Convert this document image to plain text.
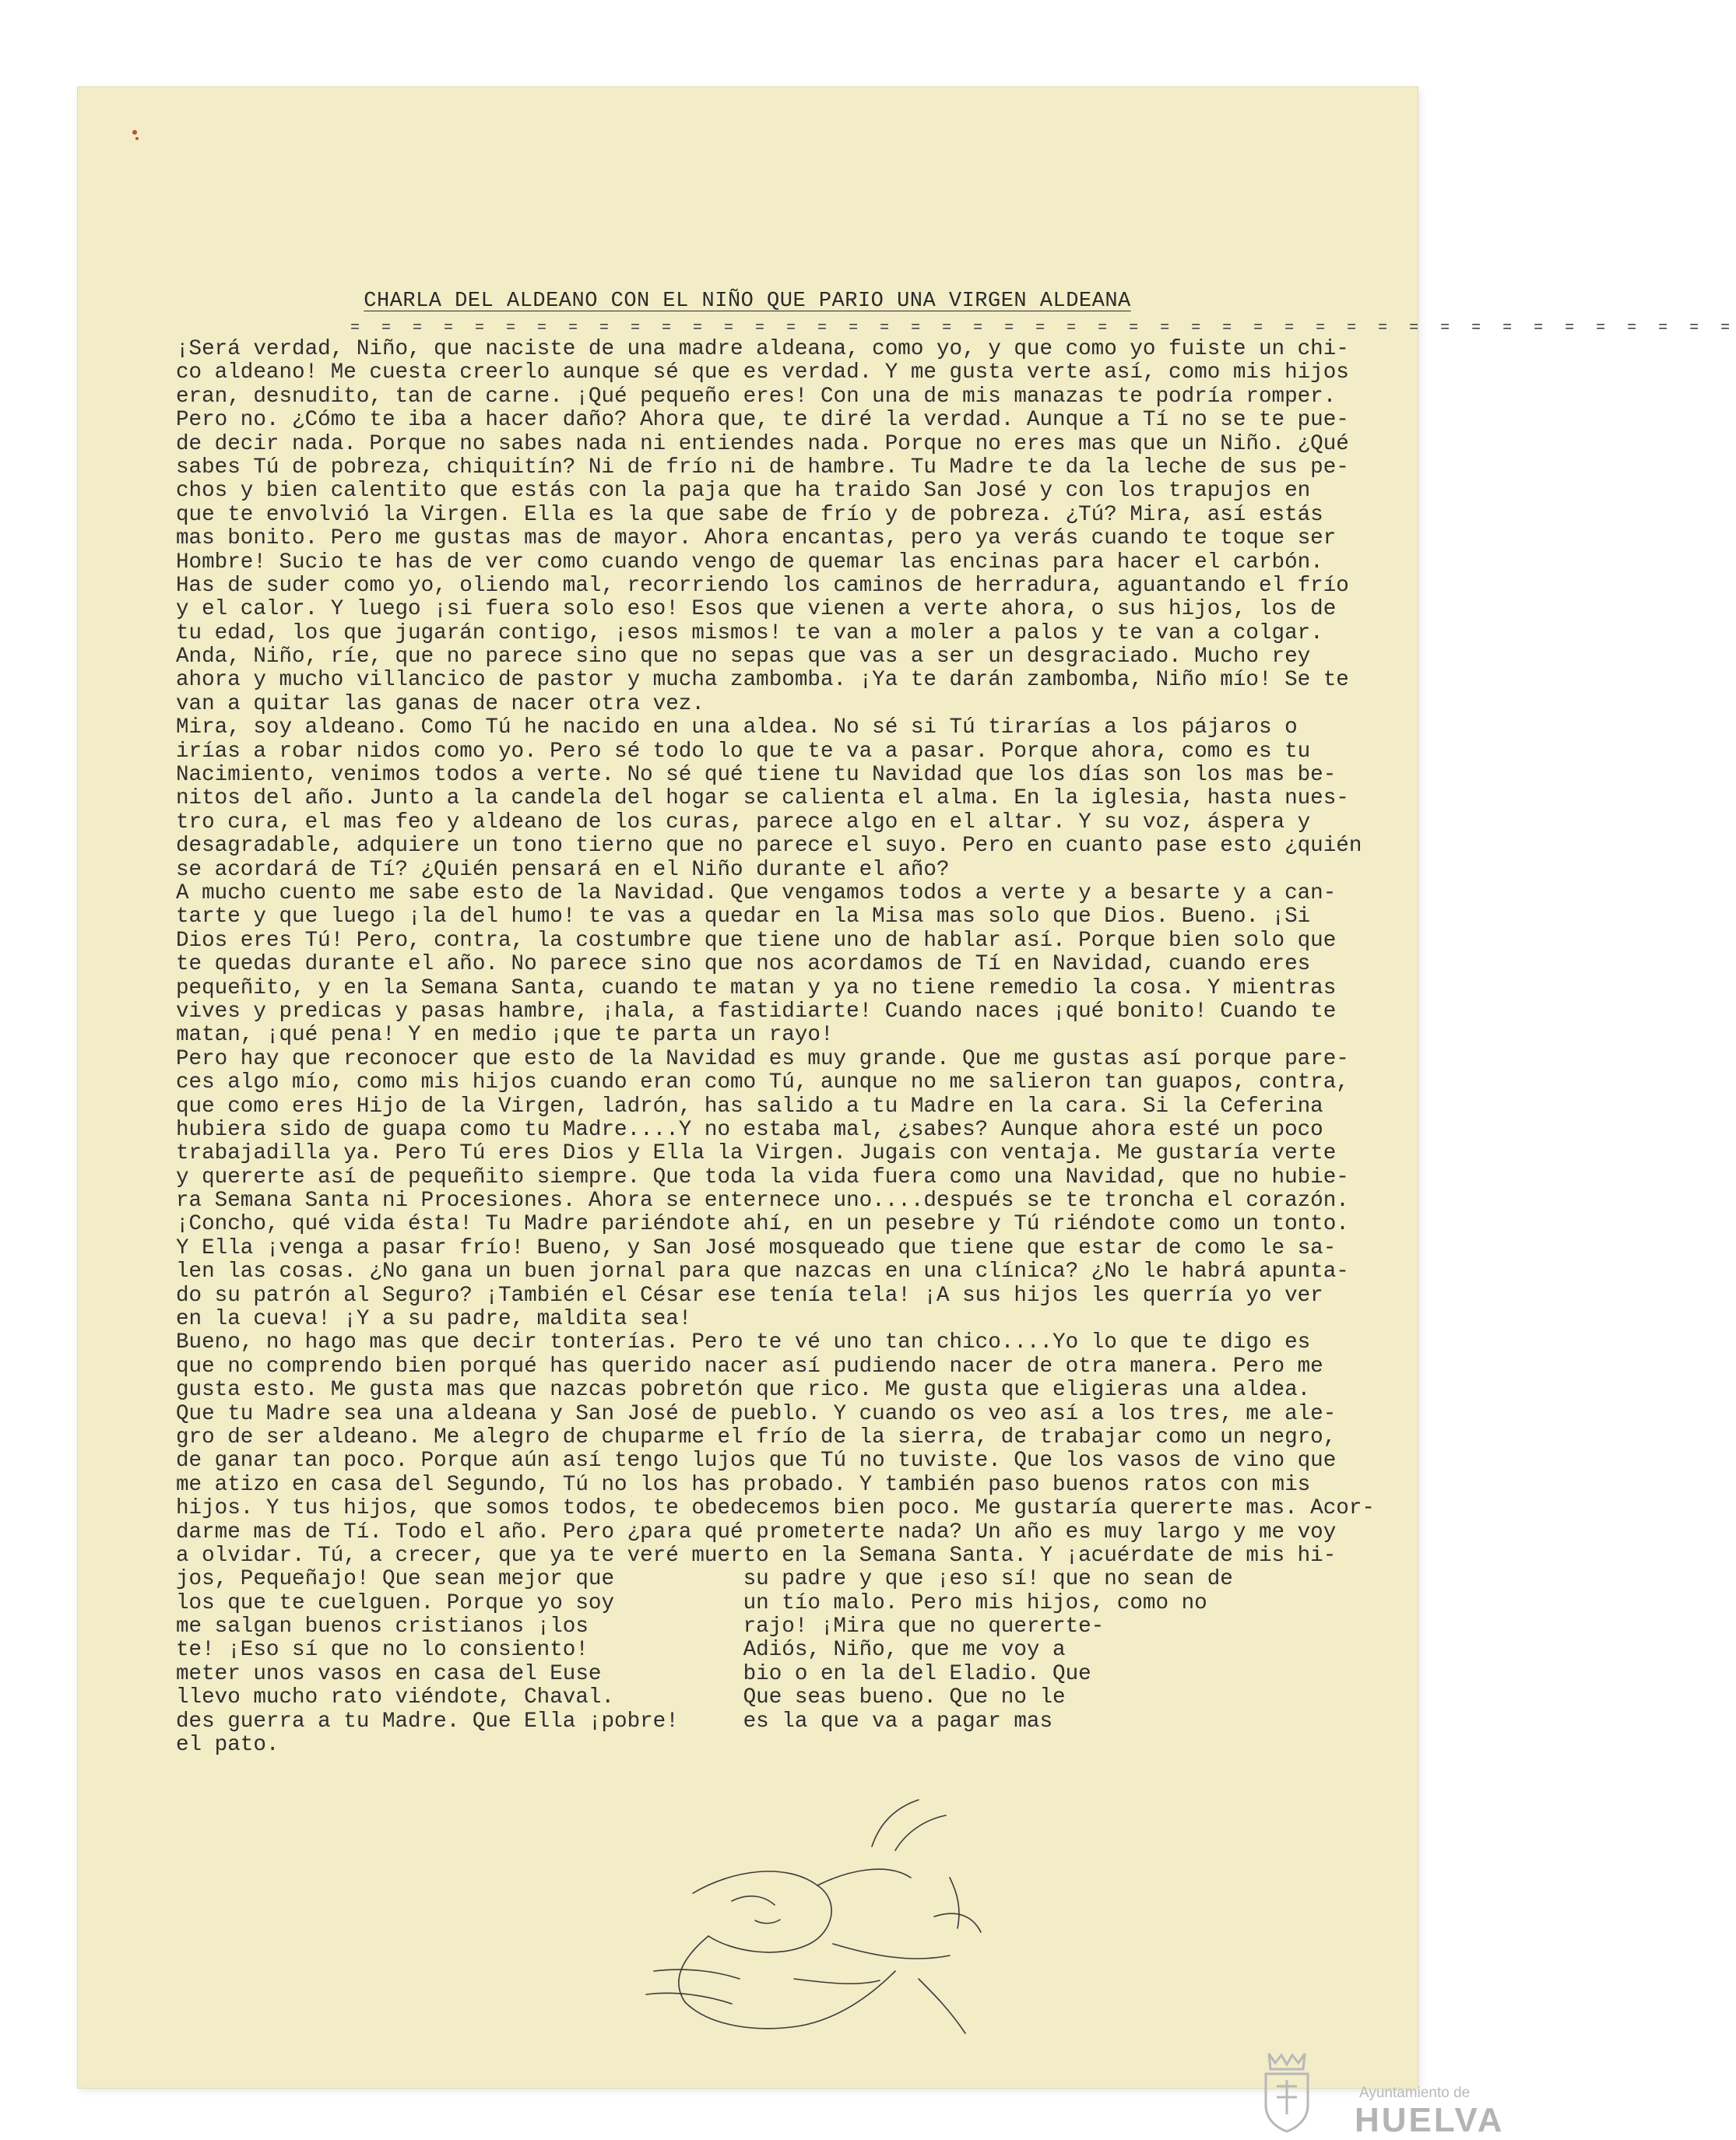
CHARLA DEL ALDEANO CON EL NIÑO QUE PARIO UNA VIRGEN ALDEANA
= = = = = = = = = = = = = = = = = = = = = = = = = = = = = = = = = = = = = = = = = = = = =
¡Será verdad, Niño, que naciste de una madre aldeana, como yo, y que como yo fuiste un chi-
co aldeano! Me cuesta creerlo aunque sé que es verdad. Y me gusta verte así, como mis hijos
eran, desnudito, tan de carne. ¡Qué pequeño eres! Con una de mis manazas te podría romper.
Pero no. ¿Cómo te iba a hacer daño? Ahora que, te diré la verdad. Aunque a Tí no se te pue-
de decir nada. Porque no sabes nada ni entiendes nada. Porque no eres mas que un Niño. ¿Qué
sabes Tú de pobreza, chiquitín? Ni de frío ni de hambre. Tu Madre te da la leche de sus pe-
chos y bien calentito que estás con la paja que ha traido San José y con los trapujos en
que te envolvió la Virgen. Ella es la que sabe de frío y de pobreza. ¿Tú? Mira, así estás
mas bonito. Pero me gustas mas de mayor. Ahora encantas, pero ya verás cuando te toque ser
Hombre! Sucio te has de ver como cuando vengo de quemar las encinas para hacer el carbón.
Has de suder como yo, oliendo mal, recorriendo los caminos de herradura, aguantando el frío
y el calor. Y luego ¡si fuera solo eso! Esos que vienen a verte ahora, o sus hijos, los de
tu edad, los que jugarán contigo, ¡esos mismos! te van a moler a palos y te van a colgar.
Anda, Niño, ríe, que no parece sino que no sepas que vas a ser un desgraciado. Mucho rey
ahora y mucho villancico de pastor y mucha zambomba. ¡Ya te darán zambomba, Niño mío! Se te
van a quitar las ganas de nacer otra vez.
Mira, soy aldeano. Como Tú he nacido en una aldea. No sé si Tú tirarías a los pájaros o
irías a robar nidos como yo. Pero sé todo lo que te va a pasar. Porque ahora, como es tu
Nacimiento, venimos todos a verte. No sé qué tiene tu Navidad que los días son los mas be-
nitos del año. Junto a la candela del hogar se calienta el alma. En la iglesia, hasta nues-
tro cura, el mas feo y aldeano de los curas, parece algo en el altar. Y su voz, áspera y
desagradable, adquiere un tono tierno que no parece el suyo. Pero en cuanto pase esto ¿quién
se acordará de Tí? ¿Quién pensará en el Niño durante el año?
A mucho cuento me sabe esto de la Navidad. Que vengamos todos a verte y a besarte y a can-
tarte y que luego ¡la del humo! te vas a quedar en la Misa mas solo que Dios. Bueno. ¡Si
Dios eres Tú! Pero, contra, la costumbre que tiene uno de hablar así. Porque bien solo que
te quedas durante el año. No parece sino que nos acordamos de Tí en Navidad, cuando eres
pequeñito, y en la Semana Santa, cuando te matan y ya no tiene remedio la cosa. Y mientras
vives y predicas y pasas hambre, ¡hala, a fastidiarte! Cuando naces ¡qué bonito! Cuando te
matan, ¡qué pena! Y en medio ¡que te parta un rayo!
Pero hay que reconocer que esto de la Navidad es muy grande. Que me gustas así porque pare-
ces algo mío, como mis hijos cuando eran como Tú, aunque no me salieron tan guapos, contra,
que como eres Hijo de la Virgen, ladrón, has salido a tu Madre en la cara. Si la Ceferina
hubiera sido de guapa como tu Madre....Y no estaba mal, ¿sabes? Aunque ahora esté un poco
trabajadilla ya. Pero Tú eres Dios y Ella la Virgen. Jugais con ventaja. Me gustaría verte
y quererte así de pequeñito siempre. Que toda la vida fuera como una Navidad, que no hubie-
ra Semana Santa ni Procesiones. Ahora se enternece uno....después se te troncha el corazón.
¡Concho, qué vida ésta! Tu Madre pariéndote ahí, en un pesebre y Tú riéndote como un tonto.
Y Ella ¡venga a pasar frío! Bueno, y San José mosqueado que tiene que estar de como le sa-
len las cosas. ¿No gana un buen jornal para que nazcas en una clínica? ¿No le habrá apunta-
do su patrón al Seguro? ¡También el César ese tenía tela! ¡A sus hijos les querría yo ver
en la cueva! ¡Y a su padre, maldita sea!
Bueno, no hago mas que decir tonterías. Pero te vé uno tan chico....Yo lo que te digo es
que no comprendo bien porqué has querido nacer así pudiendo nacer de otra manera. Pero me
gusta esto. Me gusta mas que nazcas pobretón que rico. Me gusta que eligieras una aldea.
Que tu Madre sea una aldeana y San José de pueblo. Y cuando os veo así a los tres, me ale-
gro de ser aldeano. Me alegro de chuparme el frío de la sierra, de trabajar como un negro,
de ganar tan poco. Porque aún así tengo lujos que Tú no tuviste. Que los vasos de vino que
me atizo en casa del Segundo, Tú no los has probado. Y también paso buenos ratos con mis
hijos. Y tus hijos, que somos todos, te obedecemos bien poco. Me gustaría quererte mas. Acor-
darme mas de Tí. Todo el año. Pero ¿para qué prometerte nada? Un año es muy largo y me voy
a olvidar. Tú, a crecer, que ya te veré muerto en la Semana Santa. Y ¡acuérdate de mis hi-
jos, Pequeñajo! Que sean mejor que          su padre y que ¡eso sí! que no sean de
los que te cuelguen. Porque yo soy          un tío malo. Pero mis hijos, como no
me salgan buenos cristianos ¡los            rajo! ¡Mira que no quererte-
te! ¡Eso sí que no lo consiento!            Adiós, Niño, que me voy a
meter unos vasos en casa del Euse           bio o en la del Eladio. Que
llevo mucho rato viéndote, Chaval.          Que seas bueno. Que no le
des guerra a tu Madre. Que Ella ¡pobre!     es la que va a pagar mas
el pato.
Ayuntamiento de
HUELVA
